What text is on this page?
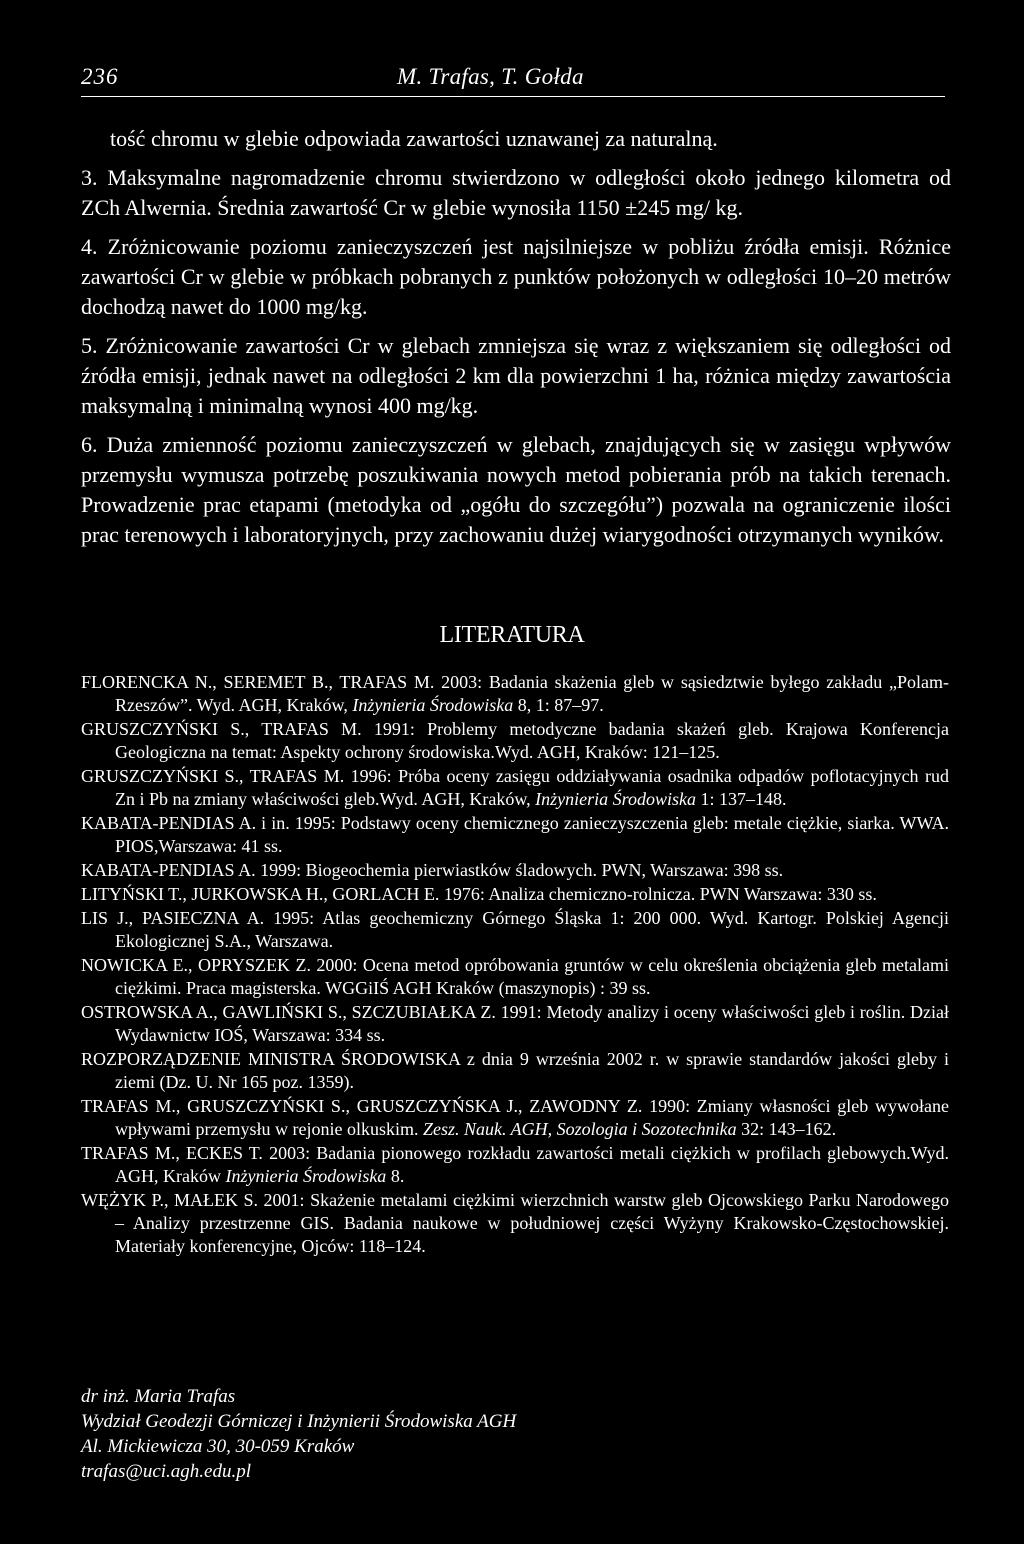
236	M. Trafas, T. Gołda

tość chromu w glebie odpowiada zawartości uznawanej za naturalną.

3. Maksymalne nagromadzenie chromu stwierdzono w odległości około jednego kilometra od ZCh Alwernia. Średnia zawartość Cr w glebie wynosiła 1150 ±245 mg/ kg.

4. Zróżnicowanie poziomu zanieczyszczeń jest najsilniejsze w pobliżu źródła emisji. Różnice zawartości Cr w glebie w próbkach pobranych z punktów położonych w odległości 10–20 metrów dochodzą nawet do 1000 mg/kg.

5. Zróżnicowanie zawartości Cr w glebach zmniejsza się wraz z większaniem się odległości od źródła emisji, jednak nawet na odległości 2 km dla powierzchni 1 ha, różnica między zawartościa maksymalną i minimalną wynosi 400 mg/kg.

6. Duża zmienność poziomu zanieczyszczeń w glebach, znajdujących się w zasięgu wpływów przemysłu wymusza potrzebę poszukiwania nowych metod pobierania prób na takich terenach. Prowadzenie prac etapami (metodyka od „ogółu do szczegółu”) pozwala na ograniczenie ilości prac terenowych i laboratoryjnych, przy zachowaniu dużej wiarygodności otrzymanych wyników.

LITERATURA

FLORENCKA N., SEREMET B., TRAFAS M. 2003: Badania skażenia gleb w sąsiedztwie byłego zakładu „Polam-Rzeszów”. Wyd. AGH, Kraków, Inżynieria Środowiska 8, 1: 87–97.

GRUSZCZYŃSKI S., TRAFAS M. 1991: Problemy metodyczne badania skażeń gleb. Krajowa Konferencja Geologiczna na temat: Aspekty ochrony środowiska.Wyd. AGH, Kraków: 121–125.

GRUSZCZYŃSKI S., TRAFAS M. 1996: Próba oceny zasięgu oddziaływania osadnika odpadów poflotacyjnych rud Zn i Pb na zmiany właściwości gleb.Wyd. AGH, Kraków, Inżynieria Środowiska 1: 137–148.

KABATA-PENDIAS A. i in. 1995: Podstawy oceny chemicznego zanieczyszczenia gleb: metale ciężkie, siarka. WWA. PIOS,Warszawa: 41 ss.

KABATA-PENDIAS A. 1999: Biogeochemia pierwiastków śladowych. PWN, Warszawa: 398 ss.

LITYŃSKI T., JURKOWSKA H., GORLACH E. 1976: Analiza chemiczno-rolnicza. PWN Warszawa: 330 ss.

LIS J., PASIECZNA A. 1995: Atlas geochemiczny Górnego Śląska 1: 200 000. Wyd. Kartogr. Polskiej Agencji Ekologicznej S.A., Warszawa.

NOWICKA E., OPRYSZEK Z. 2000: Ocena metod opróbowania gruntów w celu określenia obciążenia gleb metalami ciężkimi. Praca magisterska. WGGiIŚ AGH Kraków (maszynopis) : 39 ss.

OSTROWSKA A., GAWLIŃSKI S., SZCZUBIAŁKA Z. 1991: Metody analizy i oceny właściwości gleb i roślin. Dział Wydawnictw IOŚ, Warszawa: 334 ss.

ROZPORZĄDZENIE MINISTRA ŚRODOWISKA z dnia 9 września 2002 r. w sprawie standardów jakości gleby i ziemi (Dz. U. Nr 165 poz. 1359).

TRAFAS M., GRUSZCZYŃSKI S., GRUSZCZYŃSKA J., ZAWODNY Z. 1990: Zmiany własności gleb wywołane wpływami przemysłu w rejonie olkuskim. Zesz. Nauk. AGH, Sozologia i Sozotechnika 32: 143–162.

TRAFAS M., ECKES T. 2003: Badania pionowego rozkładu zawartości metali ciężkich w profilach glebowych.Wyd. AGH, Kraków Inżynieria Środowiska 8.

WĘŻYK P., MAŁEK S. 2001: Skażenie metalami ciężkimi wierzchnich warstw gleb Ojcowskiego Parku Narodowego – Analizy przestrzenne GIS. Badania naukowe w południowej części Wyżyny Krakowsko-Częstochowskiej. Materiały konferencyjne, Ojców: 118–124.

dr inż. Maria Trafas
Wydział Geodezji Górniczej i Inżynierii Środowiska AGH
Al. Mickiewicza 30, 30-059 Kraków
trafas@uci.agh.edu.pl
